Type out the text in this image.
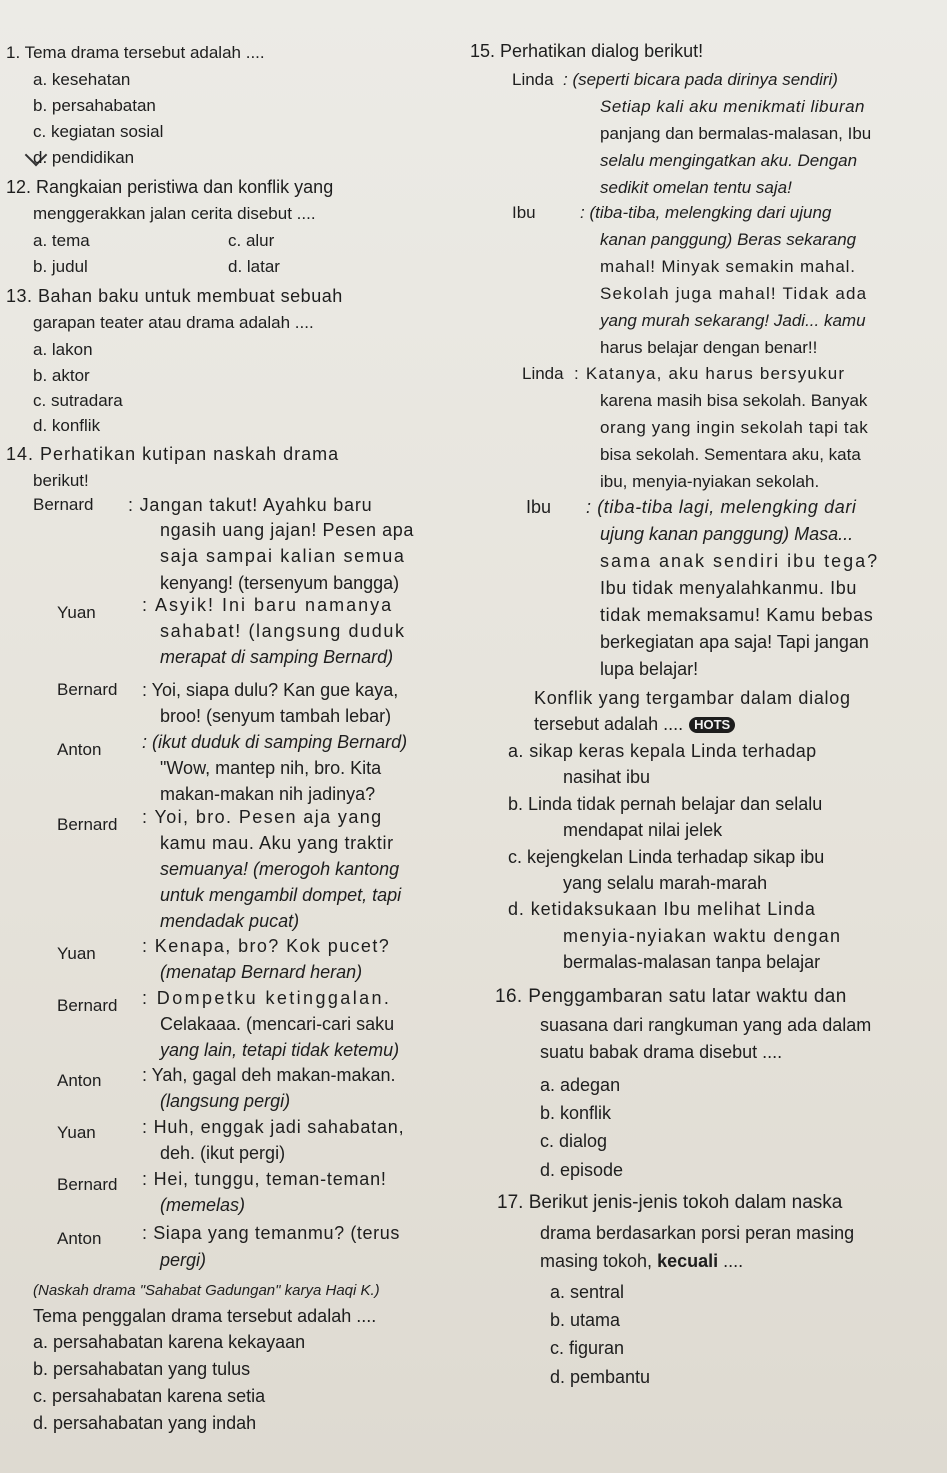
1. Tema drama tersebut adalah ....
a. kesehatan
b. persahabatan
c. kegiatan sosial
d. pendidikan
12. Rangkaian peristiwa dan konflik yang
menggerakkan jalan cerita disebut ....
a. tema	c. alur
b. judul	d. latar
13. Bahan baku untuk membuat sebuah
garapan teater atau drama adalah ....
a. lakon
b. aktor
c. sutradara
d. konflik
14. Perhatikan kutipan naskah drama
berikut!
Bernard : Jangan takut! Ayahku baru
ngasih uang jajan! Pesen apa
saja sampai kalian semua
kenyang! (tersenyum bangga)
Yuan	: Asyik! Ini baru namanya
sahabat! (langsung duduk
merapat di samping Bernard)
Bernard : Yoi, siapa dulu? Kan gue kaya,
broo! (senyum tambah lebar)
Anton : (ikut duduk di samping Bernard)
"Wow, mantep nih, bro. Kita
makan-makan nih jadinya?
Bernard : Yoi, bro. Pesen aja yang
kamu mau. Aku yang traktir
semuanya! (merogoh kantong
untuk mengambil dompet, tapi
mendadak pucat)
Yuan	: Kenapa, bro? Kok pucet?
(menatap Bernard heran)
Bernard : Dompetku ketinggalan.
Celakaaa. (mencari-cari saku
yang lain, tetapi tidak ketemu)
Anton : Yah, gagal deh makan-makan.
(langsung pergi)
Yuan	: Huh, enggak jadi sahabatan,
deh. (ikut pergi)
Bernard : Hei, tunggu, teman-teman!
(memelas)
Anton : Siapa yang temanmu? (terus
pergi)
(Naskah drama "Sahabat Gadungan" karya Haqi K.)
Tema penggalan drama tersebut adalah ....
a. persahabatan karena kekayaan
b. persahabatan yang tulus
c. persahabatan karena setia
d. persahabatan yang indah
15. Perhatikan dialog berikut!
Linda : (seperti bicara pada dirinya sendiri)
Setiap kali aku menikmati liburan
panjang dan bermalas-malasan, Ibu
selalu mengingatkan aku. Dengan
sedikit omelan tentu saja!
Ibu	: (tiba-tiba, melengking dari ujung
kanan panggung) Beras sekarang
mahal! Minyak semakin mahal.
Sekolah juga mahal! Tidak ada
yang murah sekarang! Jadi... kamu
harus belajar dengan benar!!
Linda : Katanya, aku harus bersyukur
karena masih bisa sekolah. Banyak
orang yang ingin sekolah tapi tak
bisa sekolah. Sementara aku, kata
ibu, menyia-nyiakan sekolah.
Ibu : (tiba-tiba lagi, melengking dari
ujung kanan panggung) Masa...
sama anak sendiri ibu tega?
Ibu tidak menyalahkanmu. Ibu
tidak memaksamu! Kamu bebas
berkegiatan apa saja! Tapi jangan
lupa belajar!
Konflik yang tergambar dalam dialog
tersebut adalah .... HOTS
a. sikap keras kepala Linda terhadap
nasihat ibu
b. Linda tidak pernah belajar dan selalu
mendapat nilai jelek
c. kejengkelan Linda terhadap sikap ibu
yang selalu marah-marah
d. ketidaksukaan Ibu melihat Linda
menyia-nyiakan waktu dengan
bermalas-malasan tanpa belajar
16. Penggambaran satu latar waktu dan
suasana dari rangkuman yang ada dalam
suatu babak drama disebut ....
a. adegan
b. konflik
c. dialog
d. episode
17. Berikut jenis-jenis tokoh dalam naska
drama berdasarkan porsi peran masing
masing tokoh, kecuali ....
a. sentral
b. utama
c. figuran
d. pembantu
